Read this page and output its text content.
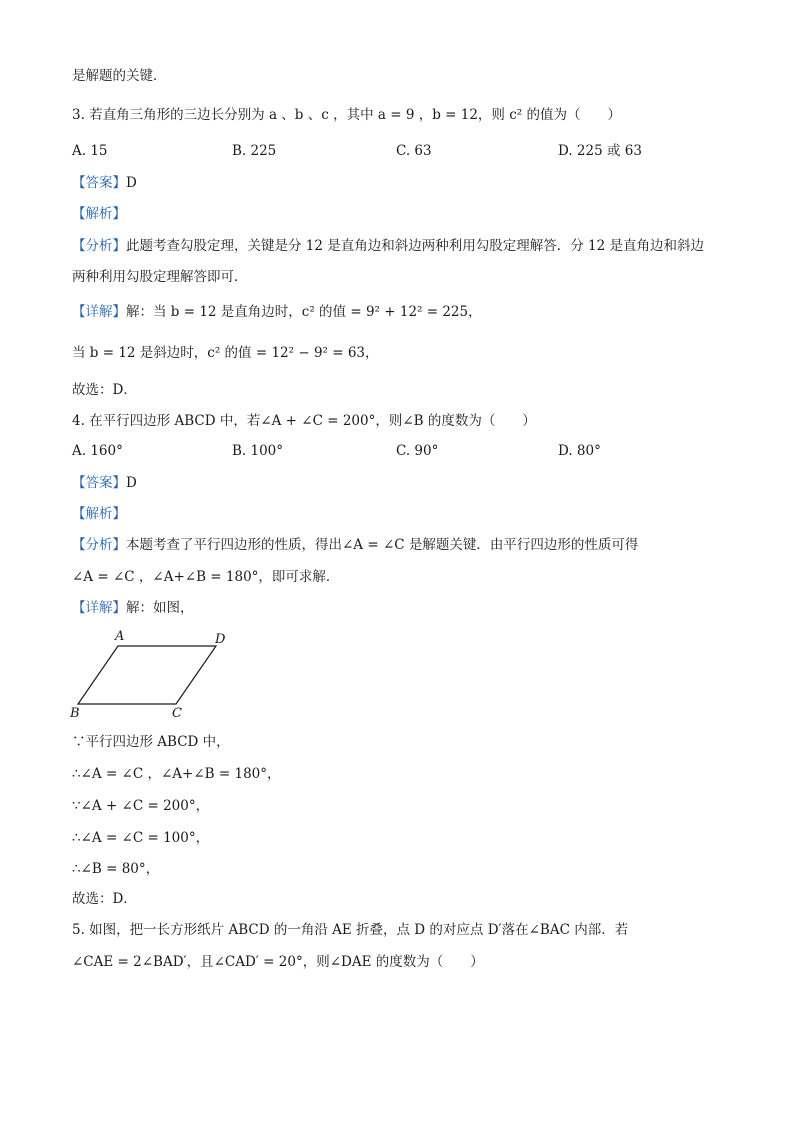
是解题的关键．
3. 若直角三角形的三边长分别为 a 、b 、c ，其中 a = 9 ，b = 12，则 c² 的值为（　　）
A. 15	B. 225	C. 63	D. 225 或 63
【答案】D
【解析】
【分析】此题考查勾股定理，关键是分 12 是直角边和斜边两种利用勾股定理解答．分 12 是直角边和斜边
两种利用勾股定理解答即可．
【详解】解：当 b = 12 是直角边时，c² 的值 = 9² + 12² = 225，
当 b = 12 是斜边时，c² 的值 = 12² − 9² = 63，
故选：D．
4. 在平行四边形 ABCD 中，若∠A + ∠C = 200°，则∠B 的度数为（　　）
A. 160°	B. 100°	C. 90°	D. 80°
【答案】D
【解析】
【分析】本题考查了平行四边形的性质，得出∠A = ∠C 是解题关键．由平行四边形的性质可得
∠A = ∠C ，∠A+∠B = 180°，即可求解．
【详解】解：如图，
A	D
B	C
∵平行四边形 ABCD 中，
∴∠A = ∠C ，∠A+∠B = 180°，
∵∠A + ∠C = 200°，
∴∠A = ∠C = 100°，
∴∠B = 80°，
故选：D．
5. 如图，把一长方形纸片 ABCD 的一角沿 AE 折叠，点 D 的对应点 D′落在∠BAC 内部．若
∠CAE = 2∠BAD′，且∠CAD′ = 20°，则∠DAE 的度数为（　　）
